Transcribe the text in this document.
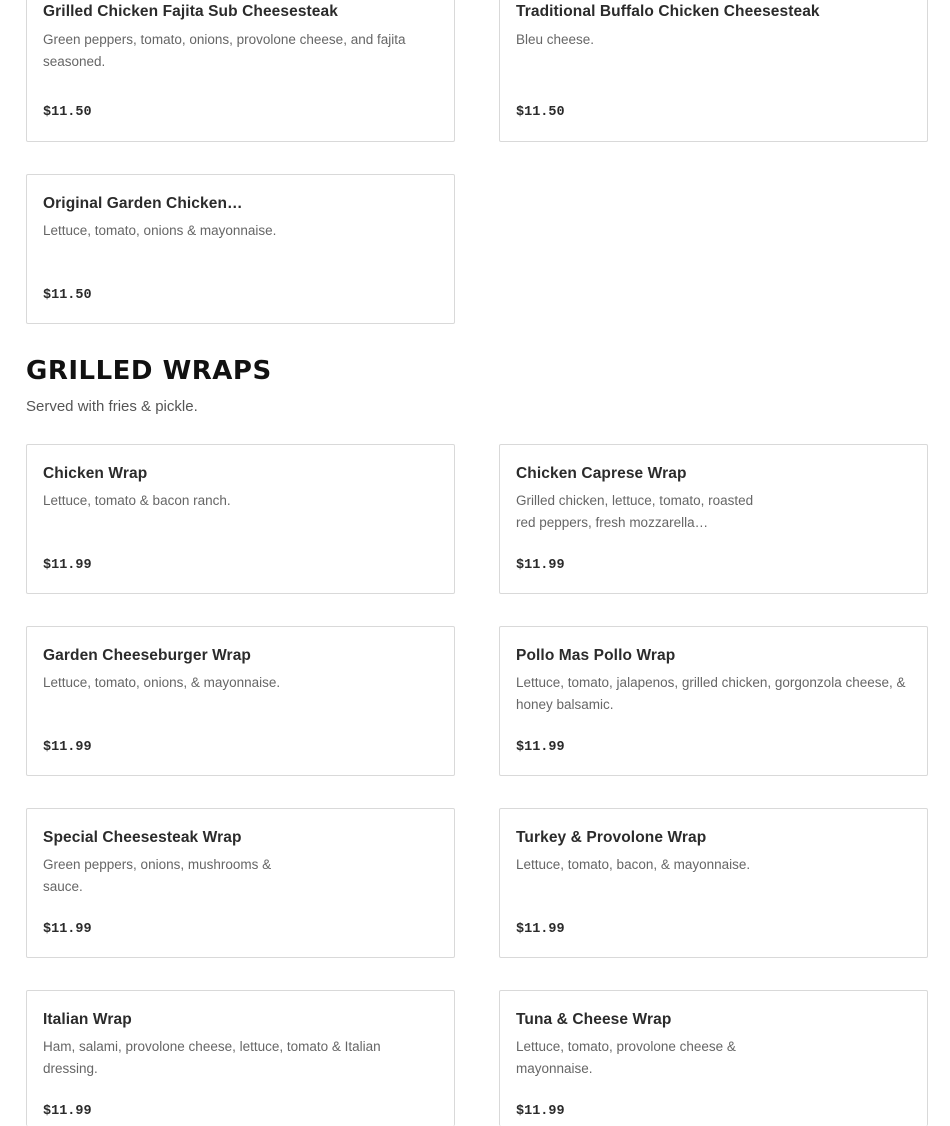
Grilled Chicken Fajita Sub Cheesesteak
Green peppers, tomato, onions, provolone cheese, and fajita seasoned.
$11.50
Traditional Buffalo Chicken Cheesesteak
Bleu cheese.
$11.50
Original Garden Chicken…
Lettuce, tomato, onions & mayonnaise.
$11.50
GRILLED WRAPS
Served with fries & pickle.
Chicken Wrap
Lettuce, tomato & bacon ranch.
$11.99
Chicken Caprese Wrap
Grilled chicken, lettuce, tomato, roasted red peppers, fresh mozzarella…
$11.99
Garden Cheeseburger Wrap
Lettuce, tomato, onions, & mayonnaise.
$11.99
Pollo Mas Pollo Wrap
Lettuce, tomato, jalapenos, grilled chicken, gorgonzola cheese, & honey balsamic.
$11.99
Special Cheesesteak Wrap
Green peppers, onions, mushrooms & sauce.
$11.99
Turkey & Provolone Wrap
Lettuce, tomato, bacon, & mayonnaise.
$11.99
Italian Wrap
Ham, salami, provolone cheese, lettuce, tomato & Italian dressing.
$11.99
Tuna & Cheese Wrap
Lettuce, tomato, provolone cheese & mayonnaise.
$11.99
